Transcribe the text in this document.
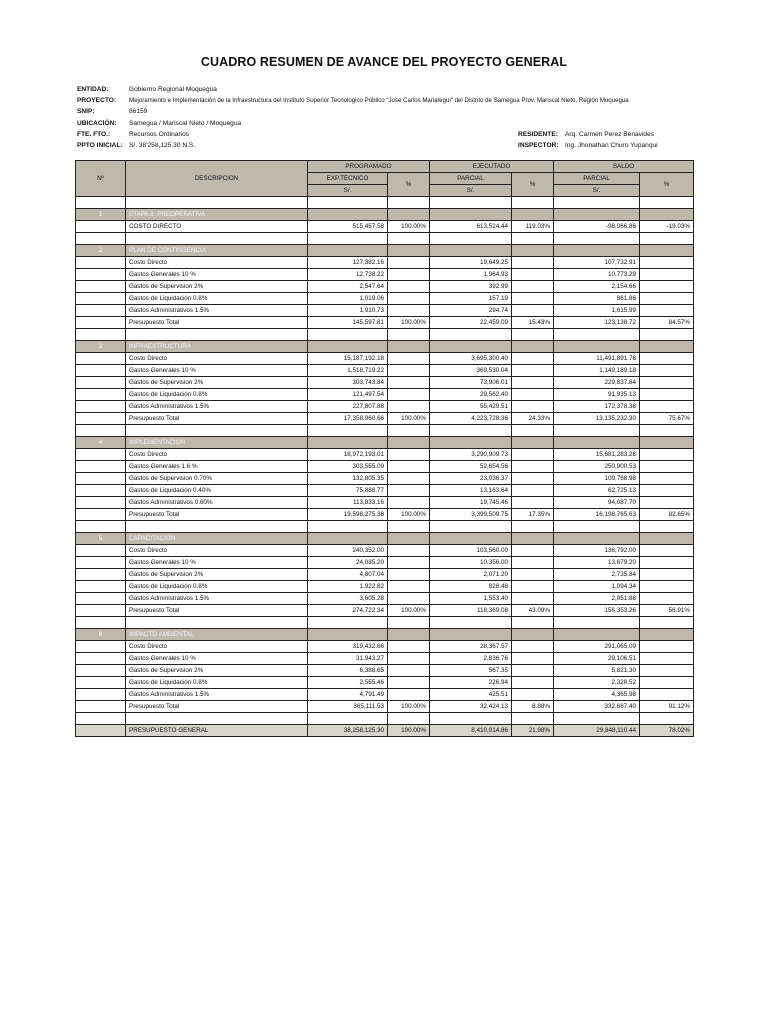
CUADRO RESUMEN DE AVANCE DEL PROYECTO GENERAL
ENTIDAD:	Gobierno Regional Moquegua
PROYECTO: Mejoramiento e Implementación de la Infraestructura del Instituto Superior Tecnologico Público "Jose Carlos Mariategui" del Distrito de Samegua Prov. Mariscal Nieto, Región Moquegua
SNIP:	86159
UBICACIÓN: Samegua / Mariscal Nieto / Moquegua
FTE. FTO.:	Recursos Ordinarios
PPTO INICIAL: S/. 38'258,125.30 N.S.
RESIDENTE: Arq. Carmen Perez Benavides
INSPECTOR: Ing. Jhonathan Churo Yupanqui
Nº	DESCRIPCION	PROGRAMADO		EJECUTADO		SALDO	
		EXP.TECNICO	%	PARCIAL	%	PARCIAL	%
		S/.		S/.		S/.	

1	ETAPA II: PREOPERATIVA						
	COSTO DIRECTO	515,457.58	100.00%	613,524.44	119.03%	-98,066.86	-19.03%

2	PLAN DE CONTINGENCIA						
	Costo Directo	127,382.16		19,649.25		107,732.91	
	Gastos Generales 10 %	12,738.22		1,964.93		10,773.29	
	Gastos de Supervision 2%	2,547.64		392.99		2,154.66	
	Gastos de Liquidación 0.8%	1,019.06		157.19		861.86	
	Gastos Administrativos 1.5%	1,910.73		294.74		1,615.99	
	Presupuesto Total	145,597.81	100.00%	22,459.09	15.43%	123,138.72	84.57%

3	INFRAESTRUCTURA						
	Costo Directo	15,187,192.18		3,695,300.40		11,491,891.78	
	Gastos Generales 10 %	1,518,719.22		369,530.04		1,149,189.18	
	Gastos de Supervision 2%	303,743.84		73,906.01		229,837.84	
	Gastos de Liquidación 0.8%	121,497.54		29,562.40		91,935.13	
	Gastos Administrativos 1.5%	227,807.88		55,429.51		172,378.38	
	Presupuesto Total	17,358,960.66	100.00%	4,223,728.36	24.33%	13,135,232.30	75.67%

4	IMPLEMENTACION						
	Costo Directo	18,972,193.01		3,290,909.73		15,681,283.28	
	Gastos Generales 1.6 %	303,555.09		52,654.56		250,900.53	
	Gastos de Supervision 0.70%	132,805.35		23,036.37		109,768.98	
	Gastos de Liquidación 0.40%	75,888.77		13,163.64		62,725.13	
	Gastos Administrativos 0.60%	113,833.16		19,745.46		94,087.70	
	Presupuesto Total	19,598,275.38	100.00%	3,399,509.75	17.35%	16,198,765.63	82.65%

5	CAPACITACION						
	Costo Directo	240,352.00		103,560.00		136,792.00	
	Gastos Generales 10 %	24,035.20		10,356.00		13,679.20	
	Gastos de Supervision 2%	4,807.04		2,071.20		2,735.84	
	Gastos de Liquidación 0.8%	1,922.82		828.48		1,094.34	
	Gastos Administrativos 1.5%	3,605.28		1,553.40		2,051.88	
	Presupuesto Total	274,722.34	100.00%	118,369.08	43.09%	156,353.26	56.91%

6	IMPACTO AMBIENTAL						
	Costo Directo	319,432.66		28,367.57		291,065.09	
	Gastos Generales 10 %	31,943.27		2,836.76		29,106.51	
	Gastos de Supervision 2%	6,388.65		567.35		5,821.30	
	Gastos de Liquidación 0.8%	2,555.46		226.94		2,328.52	
	Gastos Administrativos 1.5%	4,791.49		425.51		4,365.98	
	Presupuesto Total	365,111.53	100.00%	32,424.13	8.88%	332,687.40	91.12%

	PRESUPUESTO GENERAL	38,258,125.30	100.00%	8,410,014.86	21.98%	29,848,110.44	78.02%
